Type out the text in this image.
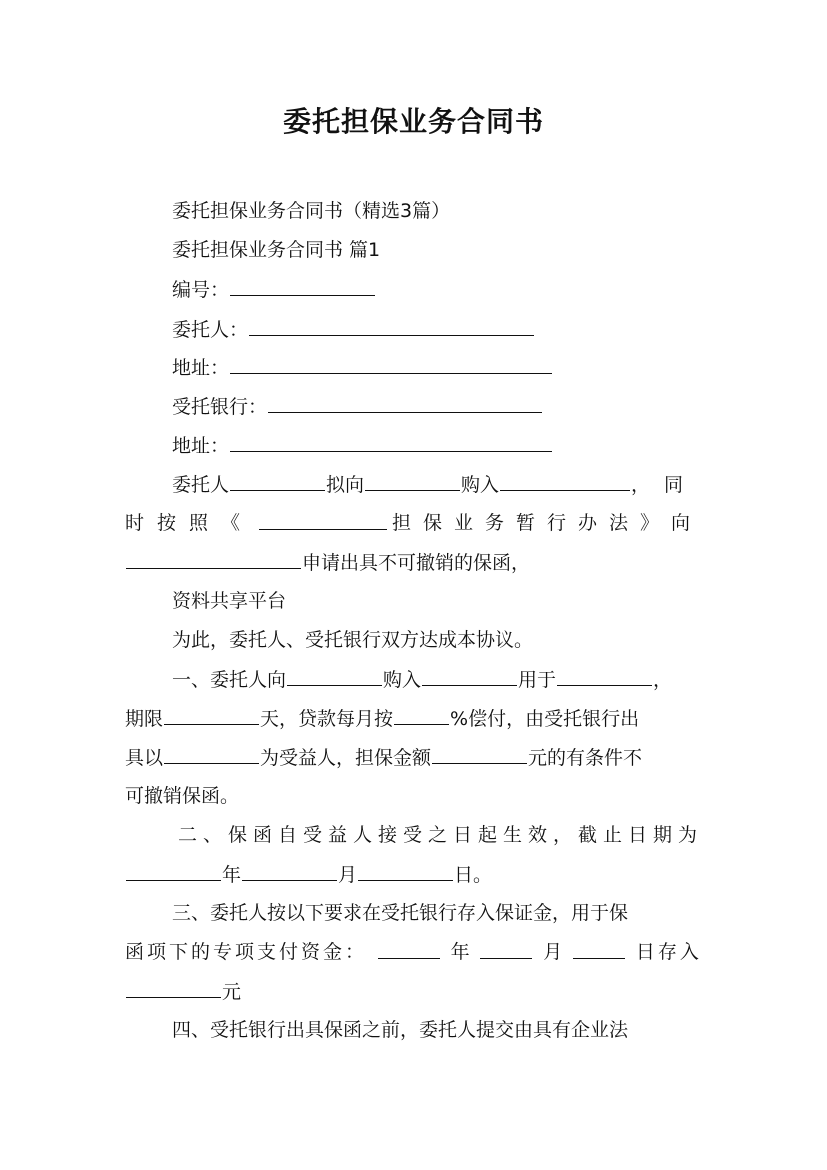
委托担保业务合同书
委托担保业务合同书（精选3篇）
委托担保业务合同书 篇1
编号：
委托人：
地址：
受托银行：
地址：
委托人	拟向	购入	，同
时按照《	担保业务暂行办法》向
申请出具不可撤销的保函，
资料共享平台
为此，委托人、受托银行双方达成本协议。
一、委托人向	购入	用于	，
期限	天，贷款每月按	%偿付，由受托银行出
具以	为受益人，担保金额	元的有条件不
可撤销保函。
二、保函自受益人接受之日起生效，截止日期为
年	月	日。
三、委托人按以下要求在受托银行存入保证金，用于保
函项下的专项支付资金：	年	月	日存入
元
四、受托银行出具保函之前，委托人提交由具有企业法
